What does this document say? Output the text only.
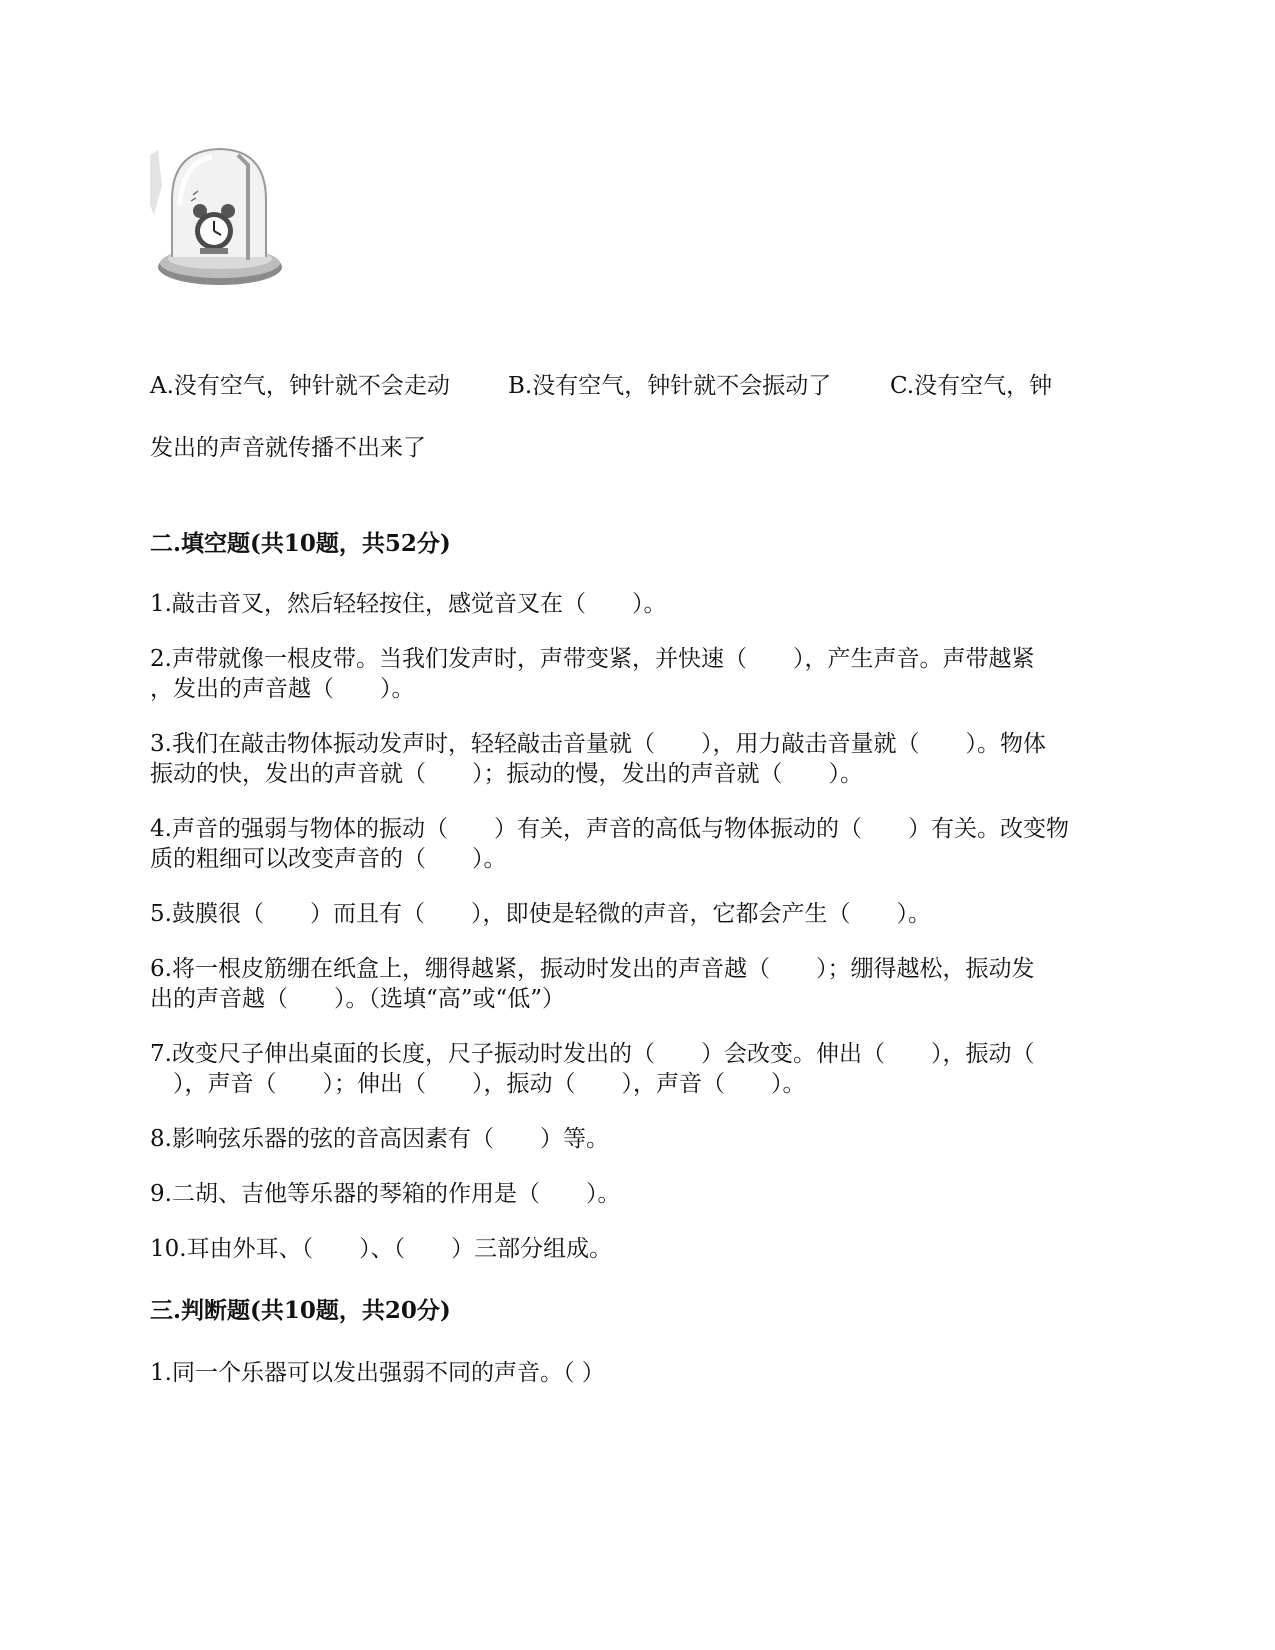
A.没有空气，钟针就不会走动	B.没有空气，钟针就不会振动了	C.没有空气，钟
发出的声音就传播不出来了
二.填空题(共10题，共52分)
1.敲击音叉，然后轻轻按住，感觉音叉在（　　）。
2.声带就像一根皮带。当我们发声时，声带变紧，并快速（　　），产生声音。声带越紧
，发出的声音越（　　）。
3.我们在敲击物体振动发声时，轻轻敲击音量就（　　），用力敲击音量就（　　）。物体
振动的快，发出的声音就（　　）；振动的慢，发出的声音就（　　）。
4.声音的强弱与物体的振动（　　）有关，声音的高低与物体振动的（　　）有关。改变物
质的粗细可以改变声音的（　　）。
5.鼓膜很（　　）而且有（　　），即使是轻微的声音，它都会产生（　　）。
6.将一根皮筋绷在纸盒上，绷得越紧，振动时发出的声音越（　　）；绷得越松，振动发
出的声音越（　　）。（选填“高”或“低”）
7.改变尺子伸出桌面的长度，尺子振动时发出的（　　）会改变。伸出（　　），振动（
　），声音（　　）；伸出（　　），振动（　　），声音（　　）。
8.影响弦乐器的弦的音高因素有（　　）等。
9.二胡、吉他等乐器的琴箱的作用是（　　）。
10.耳由外耳、（　　）、（　　）三部分组成。
三.判断题(共10题，共20分)
1.同一个乐器可以发出强弱不同的声音。（ ）
